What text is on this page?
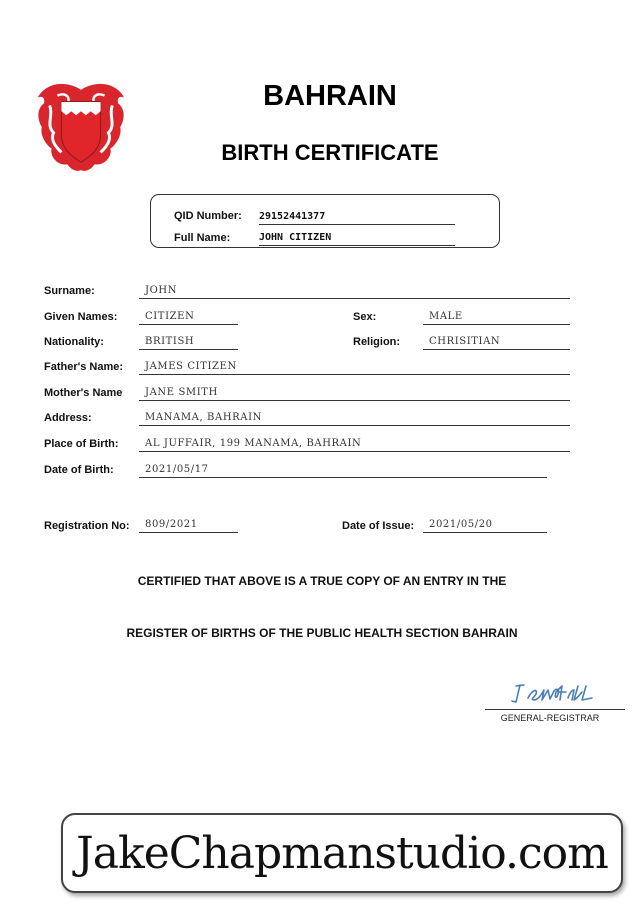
BAHRAIN
BIRTH CERTIFICATE
QID Number: 29152441377
Full Name:	JOHN CITIZEN
Surname:	JOHN
Given Names:	CITIZEN	Sex:	MALE
Nationality:	BRITISH	Religion:	CHRISITIAN
Father's Name:	JAMES CITIZEN
Mother's Name	JANE SMITH
Address:	MANAMA, BAHRAIN
Place of Birth:	AL JUFFAIR, 199 MANAMA, BAHRAIN
Date of Birth:	2021/05/17
Registration No:	809/2021	Date of Issue:	2021/05/20
CERTIFIED THAT ABOVE IS A TRUE COPY OF AN ENTRY IN THE
REGISTER OF BIRTHS OF THE PUBLIC HEALTH SECTION BAHRAIN
GENERAL-REGISTRAR
JakeChapmanstudio.com
